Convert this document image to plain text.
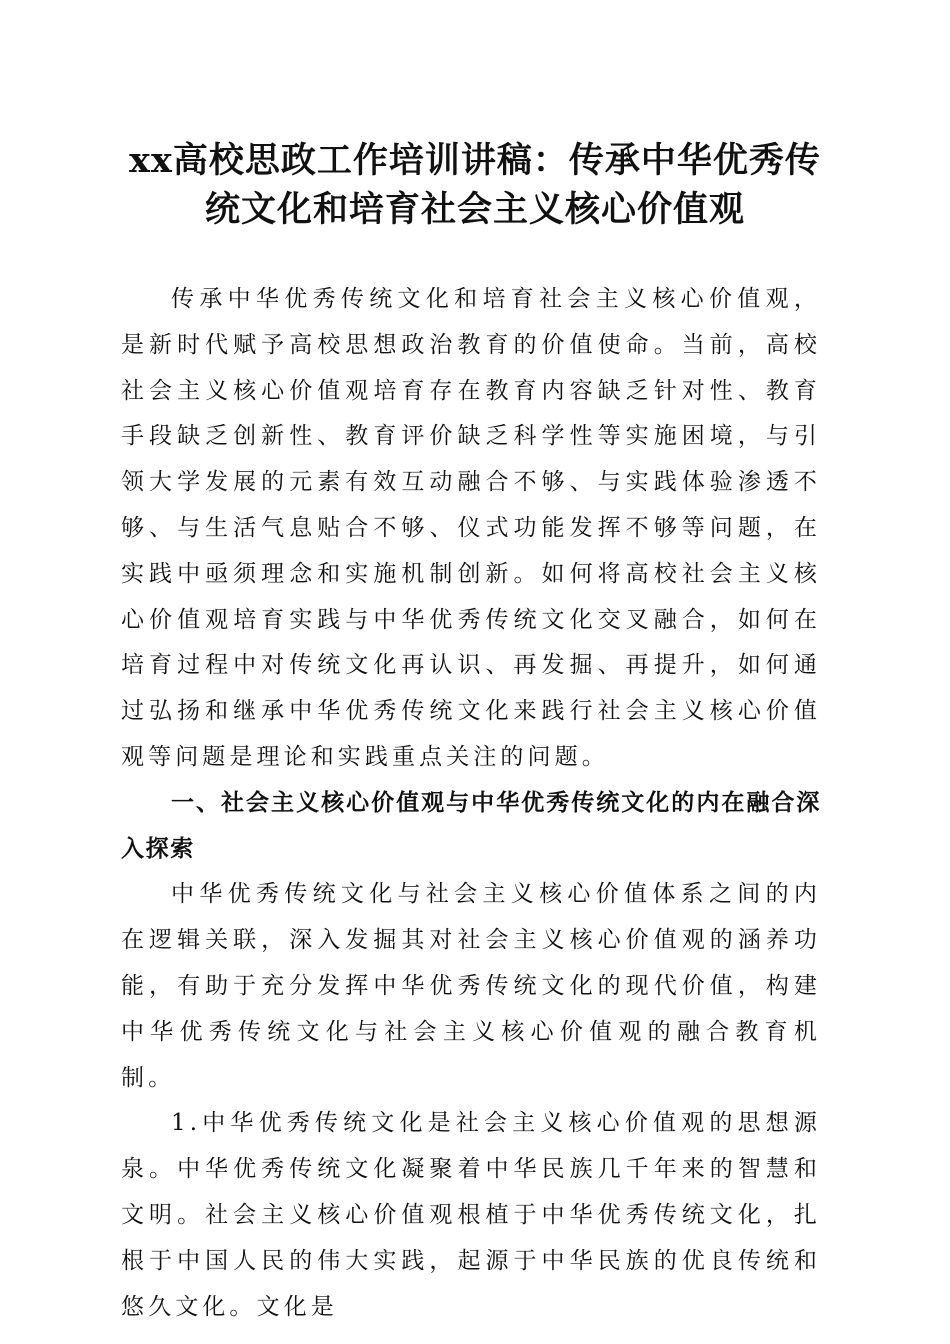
xx高校思政工作培训讲稿：传承中华优秀传
统文化和培育社会主义核心价值观

传承中华优秀传统文化和培育社会主义核心价值观，是新时代赋予高校思想政治教育的价值使命。当前，高校社会主义核心价值观培育存在教育内容缺乏针对性、教育手段缺乏创新性、教育评价缺乏科学性等实施困境，与引领大学发展的元素有效互动融合不够、与实践体验渗透不够、与生活气息贴合不够、仪式功能发挥不够等问题，在实践中亟须理念和实施机制创新。如何将高校社会主义核心价值观培育实践与中华优秀传统文化交叉融合，如何在培育过程中对传统文化再认识、再发掘、再提升，如何通过弘扬和继承中华优秀传统文化来践行社会主义核心价值观等问题是理论和实践重点关注的问题。

一、社会主义核心价值观与中华优秀传统文化的内在融合深入探索

中华优秀传统文化与社会主义核心价值体系之间的内在逻辑关联，深入发掘其对社会主义核心价值观的涵养功能，有助于充分发挥中华优秀传统文化的现代价值，构建中华优秀传统文化与社会主义核心价值观的融合教育机制。

1.中华优秀传统文化是社会主义核心价值观的思想源泉。中华优秀传统文化凝聚着中华民族几千年来的智慧和文明。社会主义核心价值观根植于中华优秀传统文化，扎根于中国人民的伟大实践，起源于中华民族的优良传统和悠久文化。文化是
